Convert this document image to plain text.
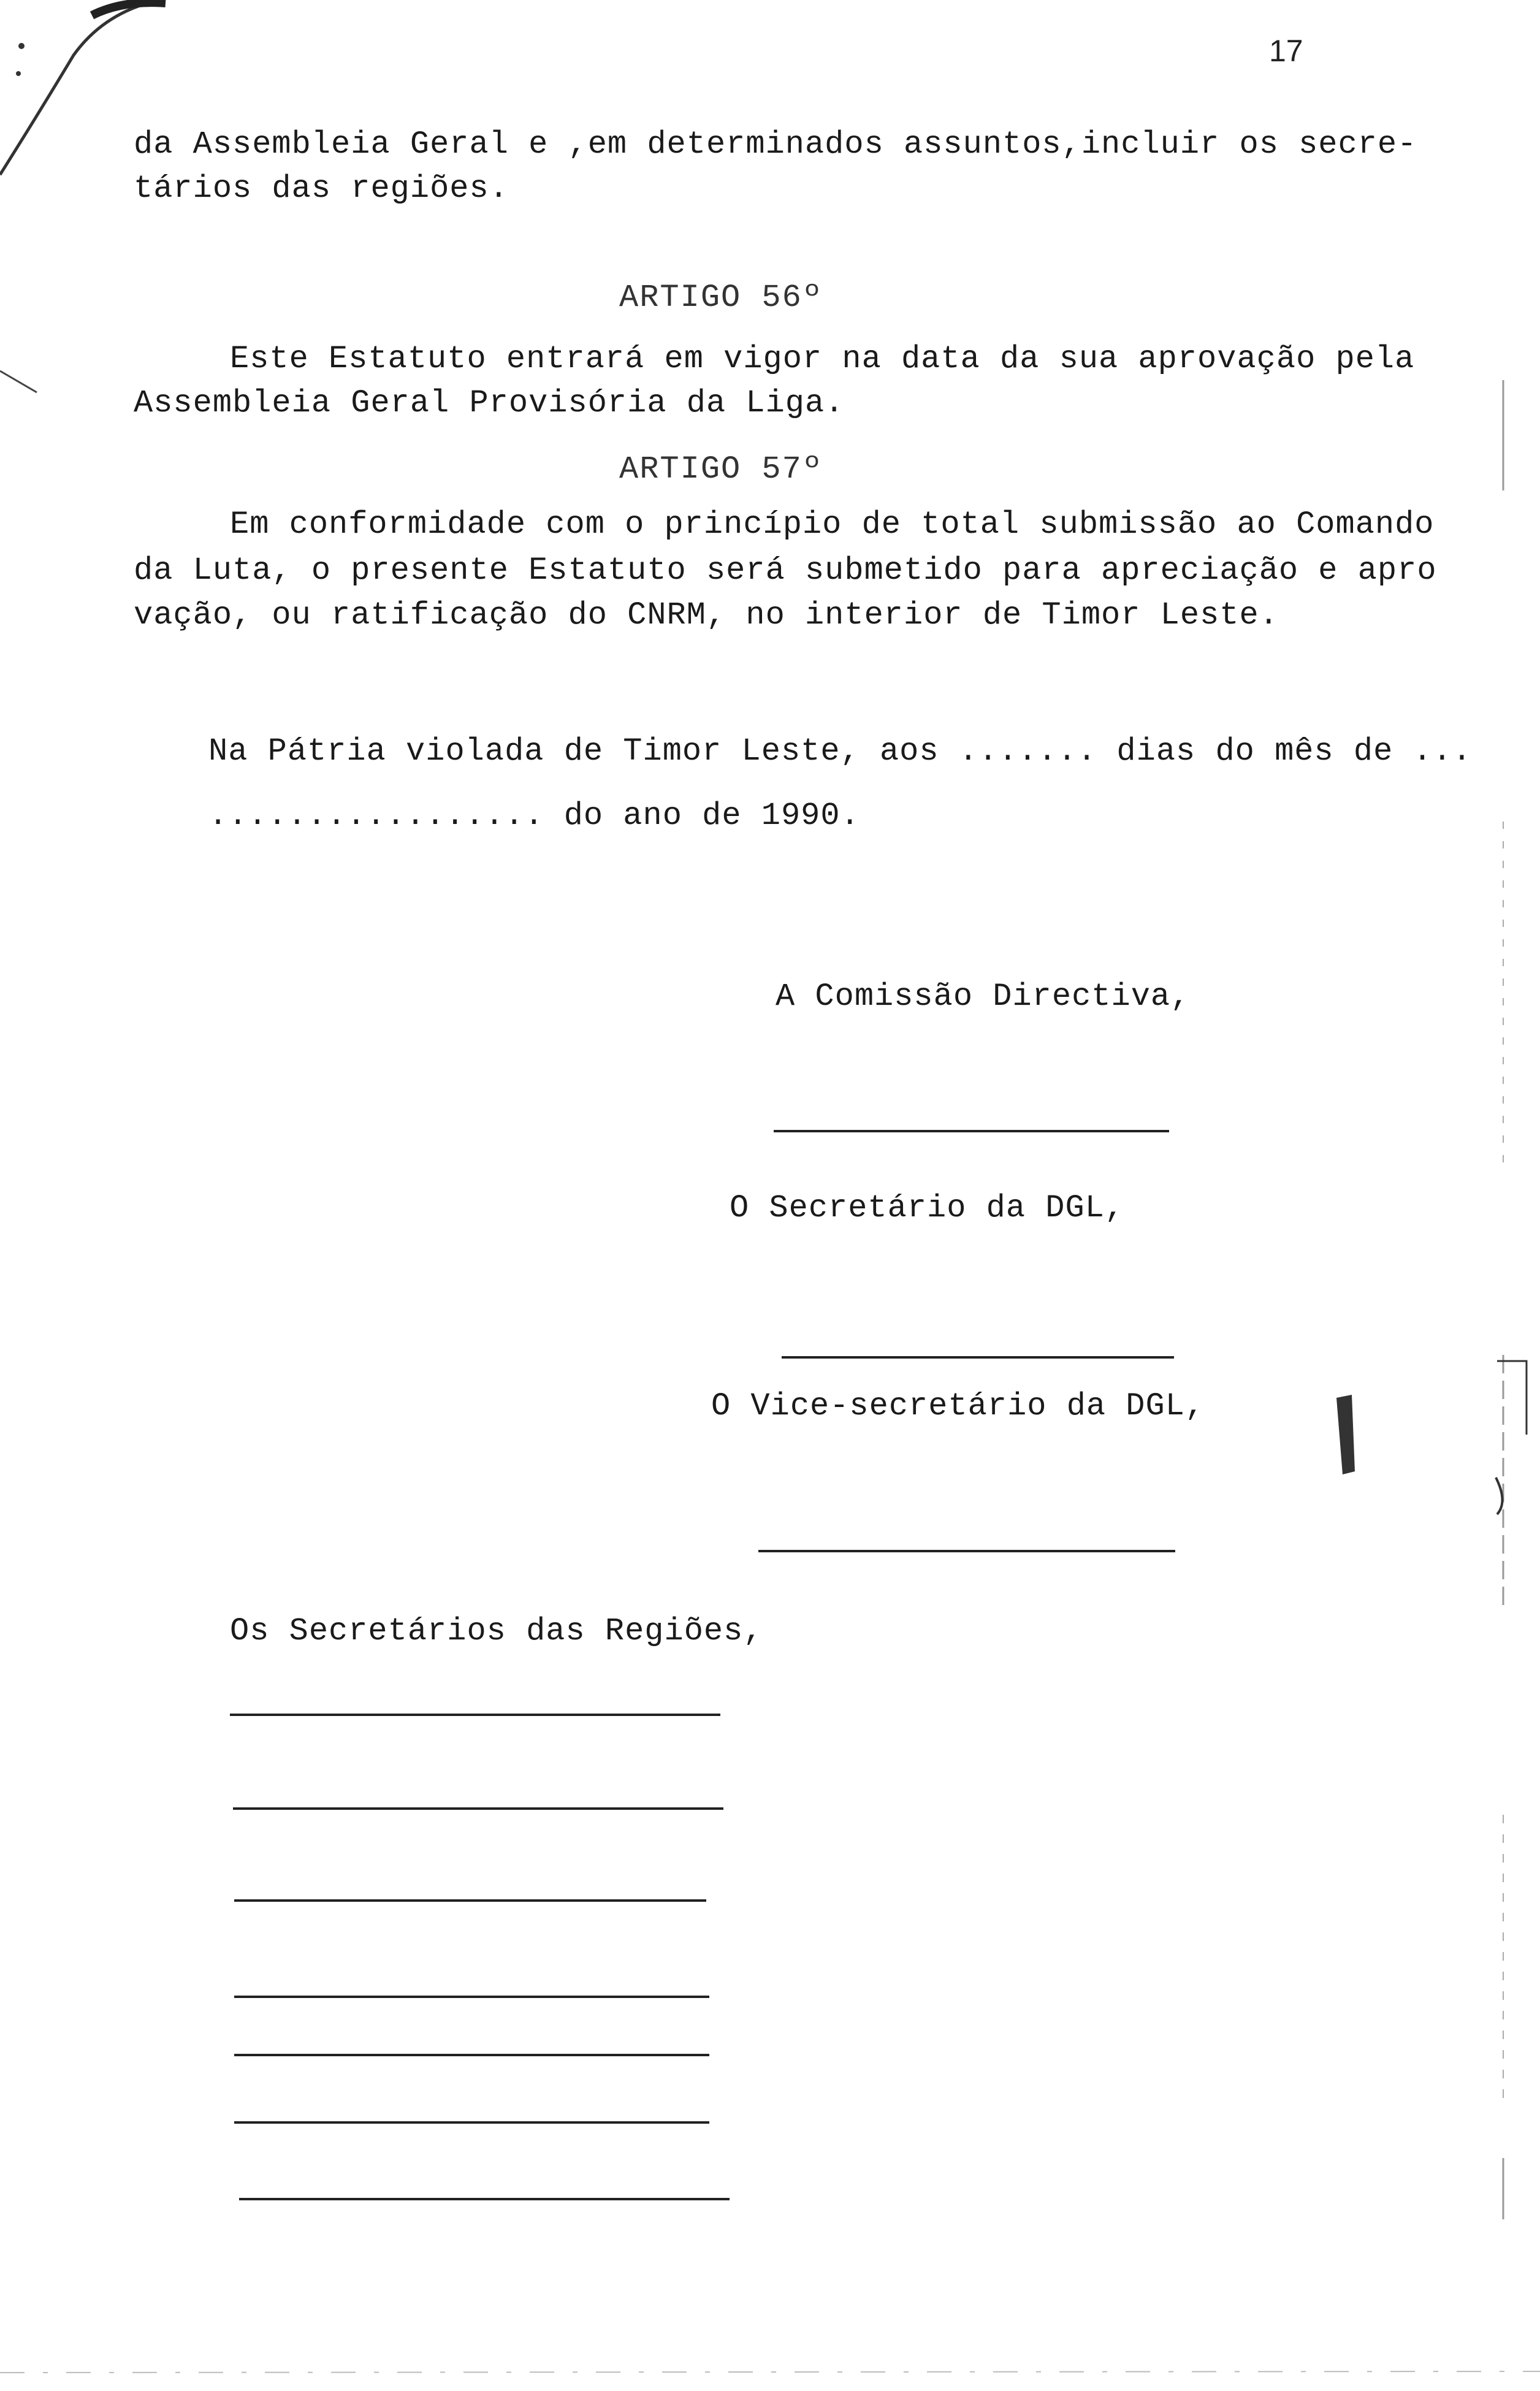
17
da Assembleia Geral e ,em determinados assuntos,incluir os secre-
tários das regiões.
ARTIGO 56º
Este Estatuto entrará em vigor na data da sua aprovação pela
Assembleia Geral Provisória da Liga.
ARTIGO 57º
Em conformidade com o princípio de total submissão ao Comando
da Luta, o presente Estatuto será submetido para apreciação e apro
vação, ou ratificação do CNRM, no interior de Timor Leste.
Na Pátria violada de Timor Leste, aos ....... dias do mês de ...
................. do ano de 1990.
A Comissão Directiva,
O Secretário da DGL,
O Vice-secretário da DGL,
Os Secretários das Regiões,
